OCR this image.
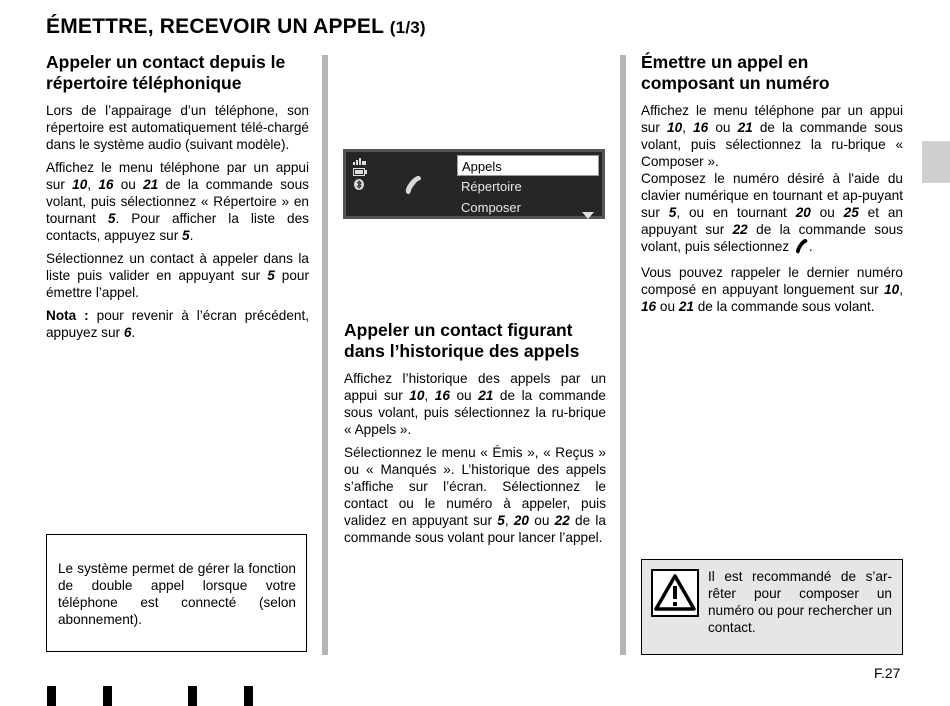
ÉMETTRE, RECEVOIR UN APPEL (1/3)
Appeler un contact depuis le répertoire téléphonique

Lors de l’appairage d’un téléphone, son répertoire est automatiquement télé-chargé dans le système audio (suivant modèle).

Affichez le menu téléphone par un appui sur 10, 16 ou 21 de la commande sous volant, puis sélectionnez « Répertoire » en tournant 5. Pour afficher la liste des contacts, appuyez sur 5.

Sélectionnez un contact à appeler dans la liste puis valider en appuyant sur 5 pour émettre l’appel.

Nota : pour revenir à l’écran précédent, appuyez sur 6.

Le système permet de gérer la fonction de double appel lorsque votre téléphone est connecté (selon abonnement).

Appels
Répertoire
Composer
Appeler un contact figurant dans l’historique des appels

Affichez l’historique des appels par un appui sur 10, 16 ou 21 de la commande sous volant, puis sélectionnez la ru-brique « Appels ».

Sélectionnez le menu « Émis », « Reçus » ou « Manqués ». L’historique des appels s’affiche sur l’écran. Sélectionnez le contact ou le numéro à appeler, puis validez en appuyant sur 5, 20 ou 22 de la commande sous volant pour lancer l’appel.

Émettre un appel en composant un numéro

Affichez le menu téléphone par un appui sur 10, 16 ou 21 de la commande sous volant, puis sélectionnez la ru-brique « Composer ».

Composez le numéro désiré à l'aide du clavier numérique en tournant et ap-puyant sur 5, ou en tournant 20 ou 25 et an appuyant sur 22 de la commande sous volant, puis sélectionnez .

Vous pouvez rappeler le dernier numéro composé en appuyant longuement sur 10, 16 ou 21 de la commande sous volant.

Il est recommandé de s’ar-rêter pour composer un numéro ou pour rechercher un contact.
F.27
